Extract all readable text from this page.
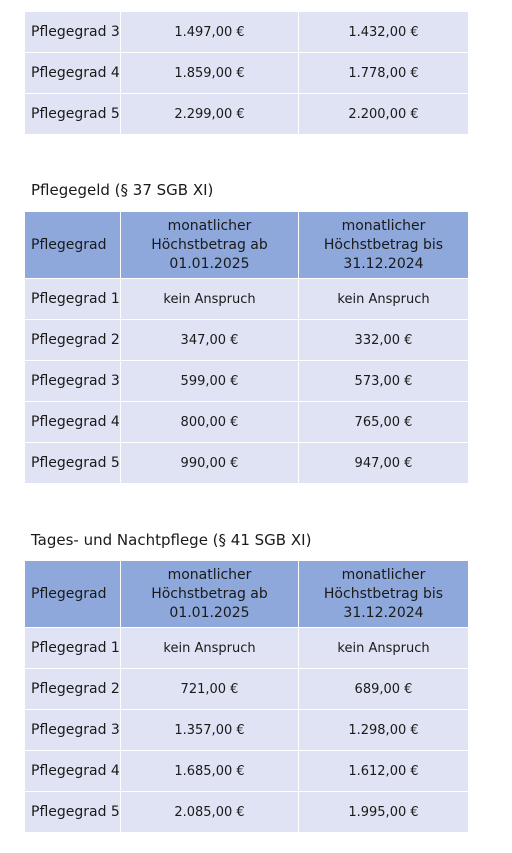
Pflegegrad 3	1.497,00 €	1.432,00 €
Pflegegrad 4	1.859,00 €	1.778,00 €
Pflegegrad 5	2.299,00 €	2.200,00 €
Pflegegeld (§ 37 SGB XI)
Pflegegrad	monatlicher Höchstbetrag ab 01.01.2025	monatlicher Höchstbetrag bis 31.12.2024
Pflegegrad 1	kein Anspruch	kein Anspruch
Pflegegrad 2	347,00 €	332,00 €
Pflegegrad 3	599,00 €	573,00 €
Pflegegrad 4	800,00 €	765,00 €
Pflegegrad 5	990,00 €	947,00 €
Tages- und Nachtpflege (§ 41 SGB XI)
Pflegegrad	monatlicher Höchstbetrag ab 01.01.2025	monatlicher Höchstbetrag bis 31.12.2024
Pflegegrad 1	kein Anspruch	kein Anspruch
Pflegegrad 2	721,00 €	689,00 €
Pflegegrad 3	1.357,00 €	1.298,00 €
Pflegegrad 4	1.685,00 €	1.612,00 €
Pflegegrad 5	2.085,00 €	1.995,00 €
